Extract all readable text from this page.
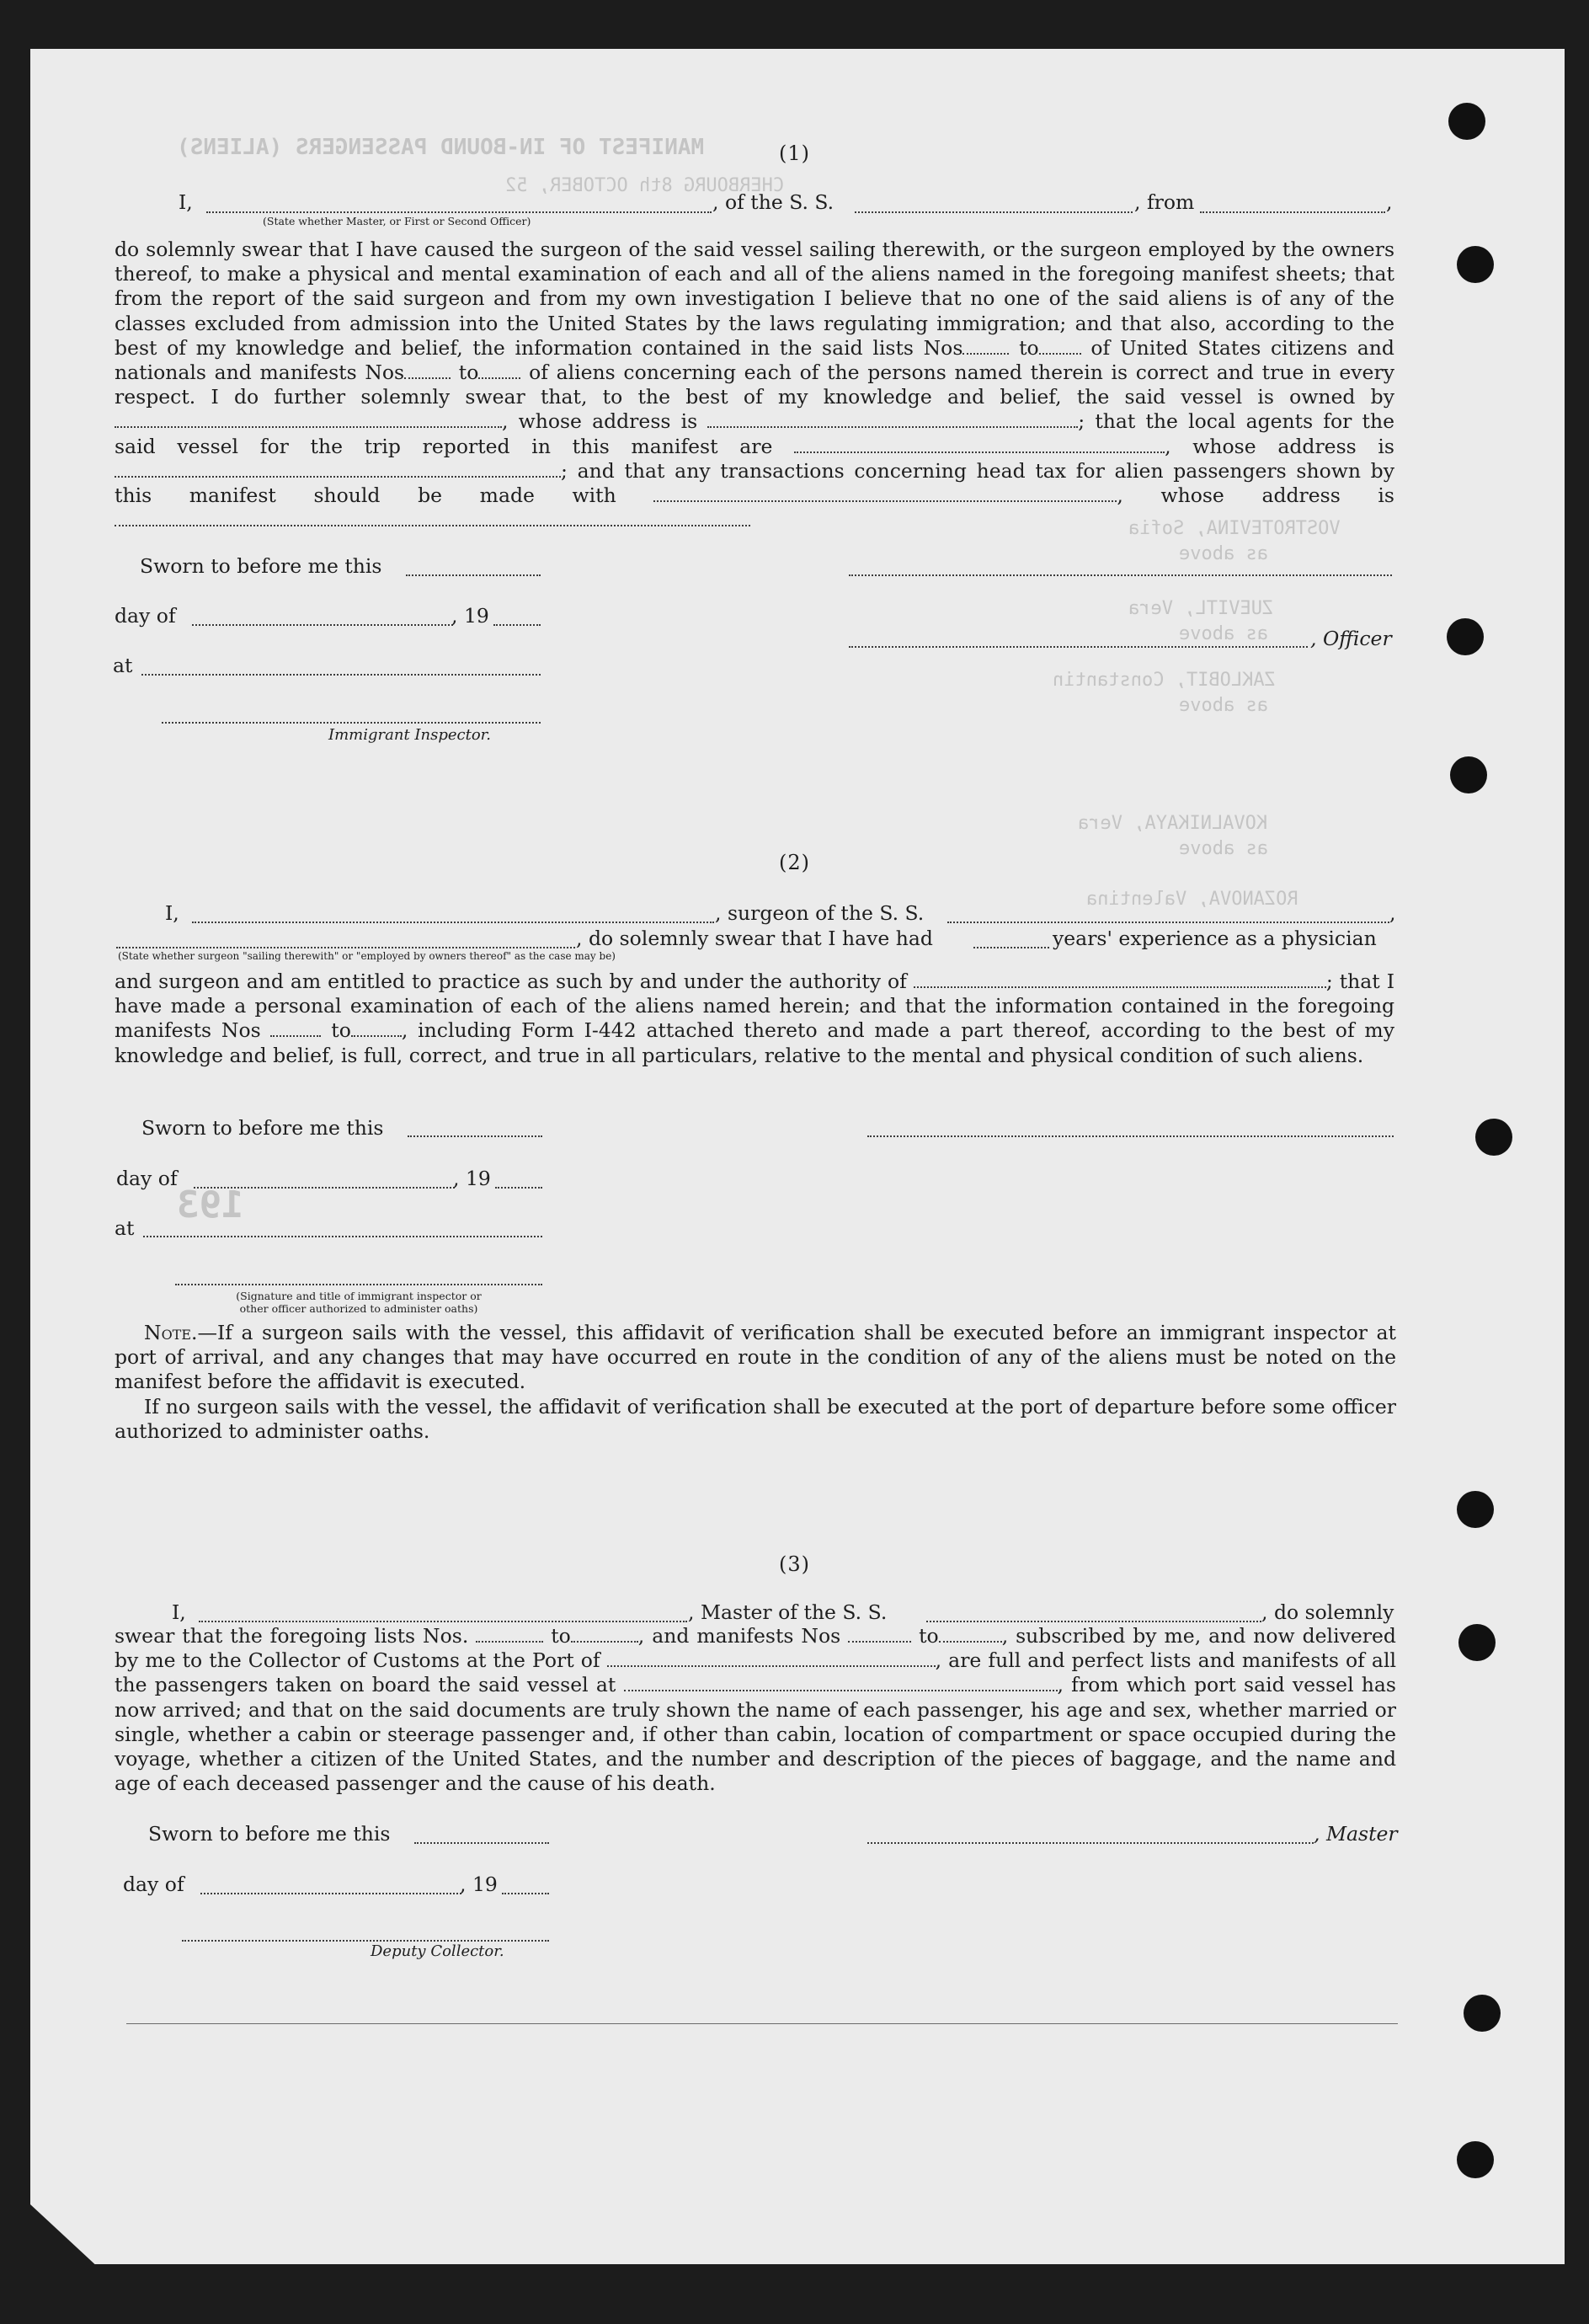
MANIFEST OF IN-BOUND PASSENGERS (ALIENS)
CHERBOURG 8th OCTOBER, 52
VOSTROTEVINA, Sofia
as above
ZUEVITL, Vera
as above
ZAKLOBIT, Constantin
as above
KOVALNIKAYA, Vera
as above
ROZANOVA, Valentina
193
(1)
I,	, of the S. S.	, from	,
(State whether Master, or First or Second Officer)

do solemnly swear that I have caused the surgeon of the said vessel sailing therewith, or the surgeon employed by the owners thereof, to make a physical and mental examination of each and all of the aliens named in the foregoing manifest sheets; that from the report of the said surgeon and from my own investigation I believe that no one of the said aliens is of any of the classes excluded from admission into the United States by the laws regulating immigration; and that also, according to the best of my knowledge and belief, the information contained in the said lists Nos	to	of United States citizens and nationals and manifests Nos	to	of aliens concerning each of the persons named therein is correct and true in every respect. I do further solemnly swear that, to the best of my knowledge and belief, the said vessel is owned by, whose address is	; that the local agents for the said vessel for the trip reported in this manifest are	, whose address is; and that any transactions concerning head tax for alien passengers shown by this manifest should be made with	, whose address is

Sworn to before me this
day of	, 19
, Officer
at
Immigrant Inspector.
(2)
I,	, surgeon of the S. S.	,
, do solemnly swear that I have had	years' experience as a physician
(State whether surgeon "sailing therewith" or "employed by owners thereof" as the case may be)

and surgeon and am entitled to practice as such by and under the authority of	; that I have made a personal examination of each of the aliens named herein; and that the information contained in the foregoing manifests Nos	to	, including Form I-442 attached thereto and made a part thereof, according to the best of my knowledge and belief, is full, correct, and true in all particulars, relative to the mental and physical condition of such aliens.

Sworn to before me this
day of	, 19
at
(Signature and title of immigrant inspector or
other officer authorized to administer oaths)

Note.—If a surgeon sails with the vessel, this affidavit of verification shall be executed before an immigrant inspector at port of arrival, and any changes that may have occurred en route in the condition of any of the aliens must be noted on the manifest before the affidavit is executed.

If no surgeon sails with the vessel, the affidavit of verification shall be executed at the port of departure before some officer authorized to administer oaths.

(3)
I,	, Master of the S. S.	, do solemnly

swear that the foregoing lists Nos.	to	, and manifests Nos	to	, subscribed by me, and now delivered by me to the Collector of Customs at the Port of	, are full and perfect lists and manifests of all the passengers taken on board the said vessel at	, from which port said vessel has now arrived; and that on the said documents are truly shown the name of each passenger, his age and sex, whether married or single, whether a cabin or steerage passenger and, if other than cabin, location of compartment or space occupied during the voyage, whether a citizen of the United States, and the number and description of the pieces of baggage, and the name and age of each deceased passenger and the cause of his death.

Sworn to before me this	, Master
day of	, 19
Deputy Collector.
